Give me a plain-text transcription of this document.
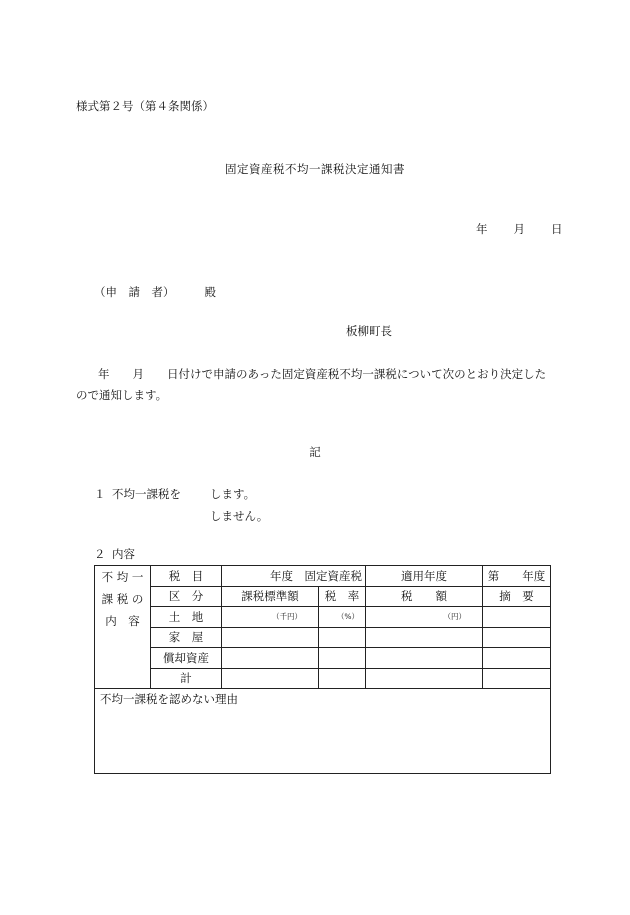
様式第２号（第４条関係）
固定資産税不均一課税決定通知書
年 月 日
（申　請　者）	殿
板柳町長
年　　月　　日付けで申請のあった固定資産税不均一課税について次のとおり決定したので通知します。
記
１ 不均一課税を	します。
しません。
２ 内容
不 均 一
課 税 の
内　容	税　目	年度　固定資産税		適用年度	第　　年度
	区　分	課税標準額	税　率	税　　額	摘　要
	土　地	（千円）	（%）	（円）	
	家　屋				
	償却資産				
	計				
不均一課税を認めない理由					
